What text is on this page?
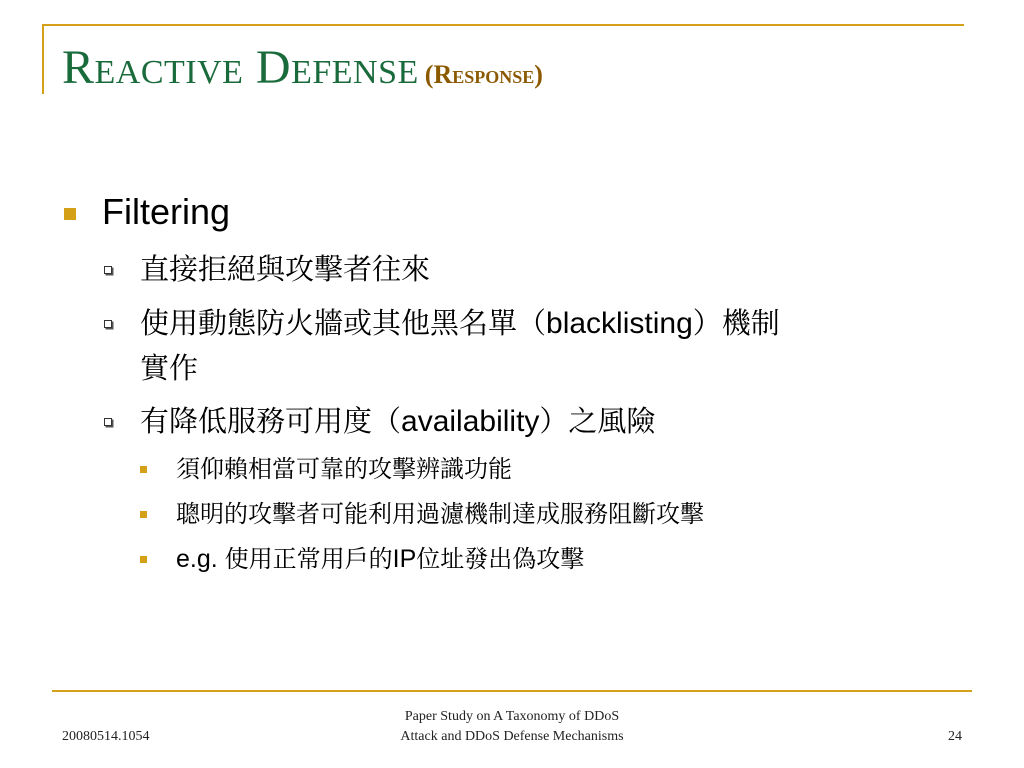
Reactive Defense (Response)
Filtering
直接拒絕與攻擊者往來
使用動態防火牆或其他黑名單（blacklisting）機制
實作
有降低服務可用度（availability）之風險
須仰賴相當可靠的攻擊辨識功能
聰明的攻擊者可能利用過濾機制達成服務阻斷攻擊
e.g. 使用正常用戶的IP位址發出偽攻擊
20080514.1054
Paper Study on A Taxonomy of DDoS
Attack and DDoS Defense Mechanisms	24
